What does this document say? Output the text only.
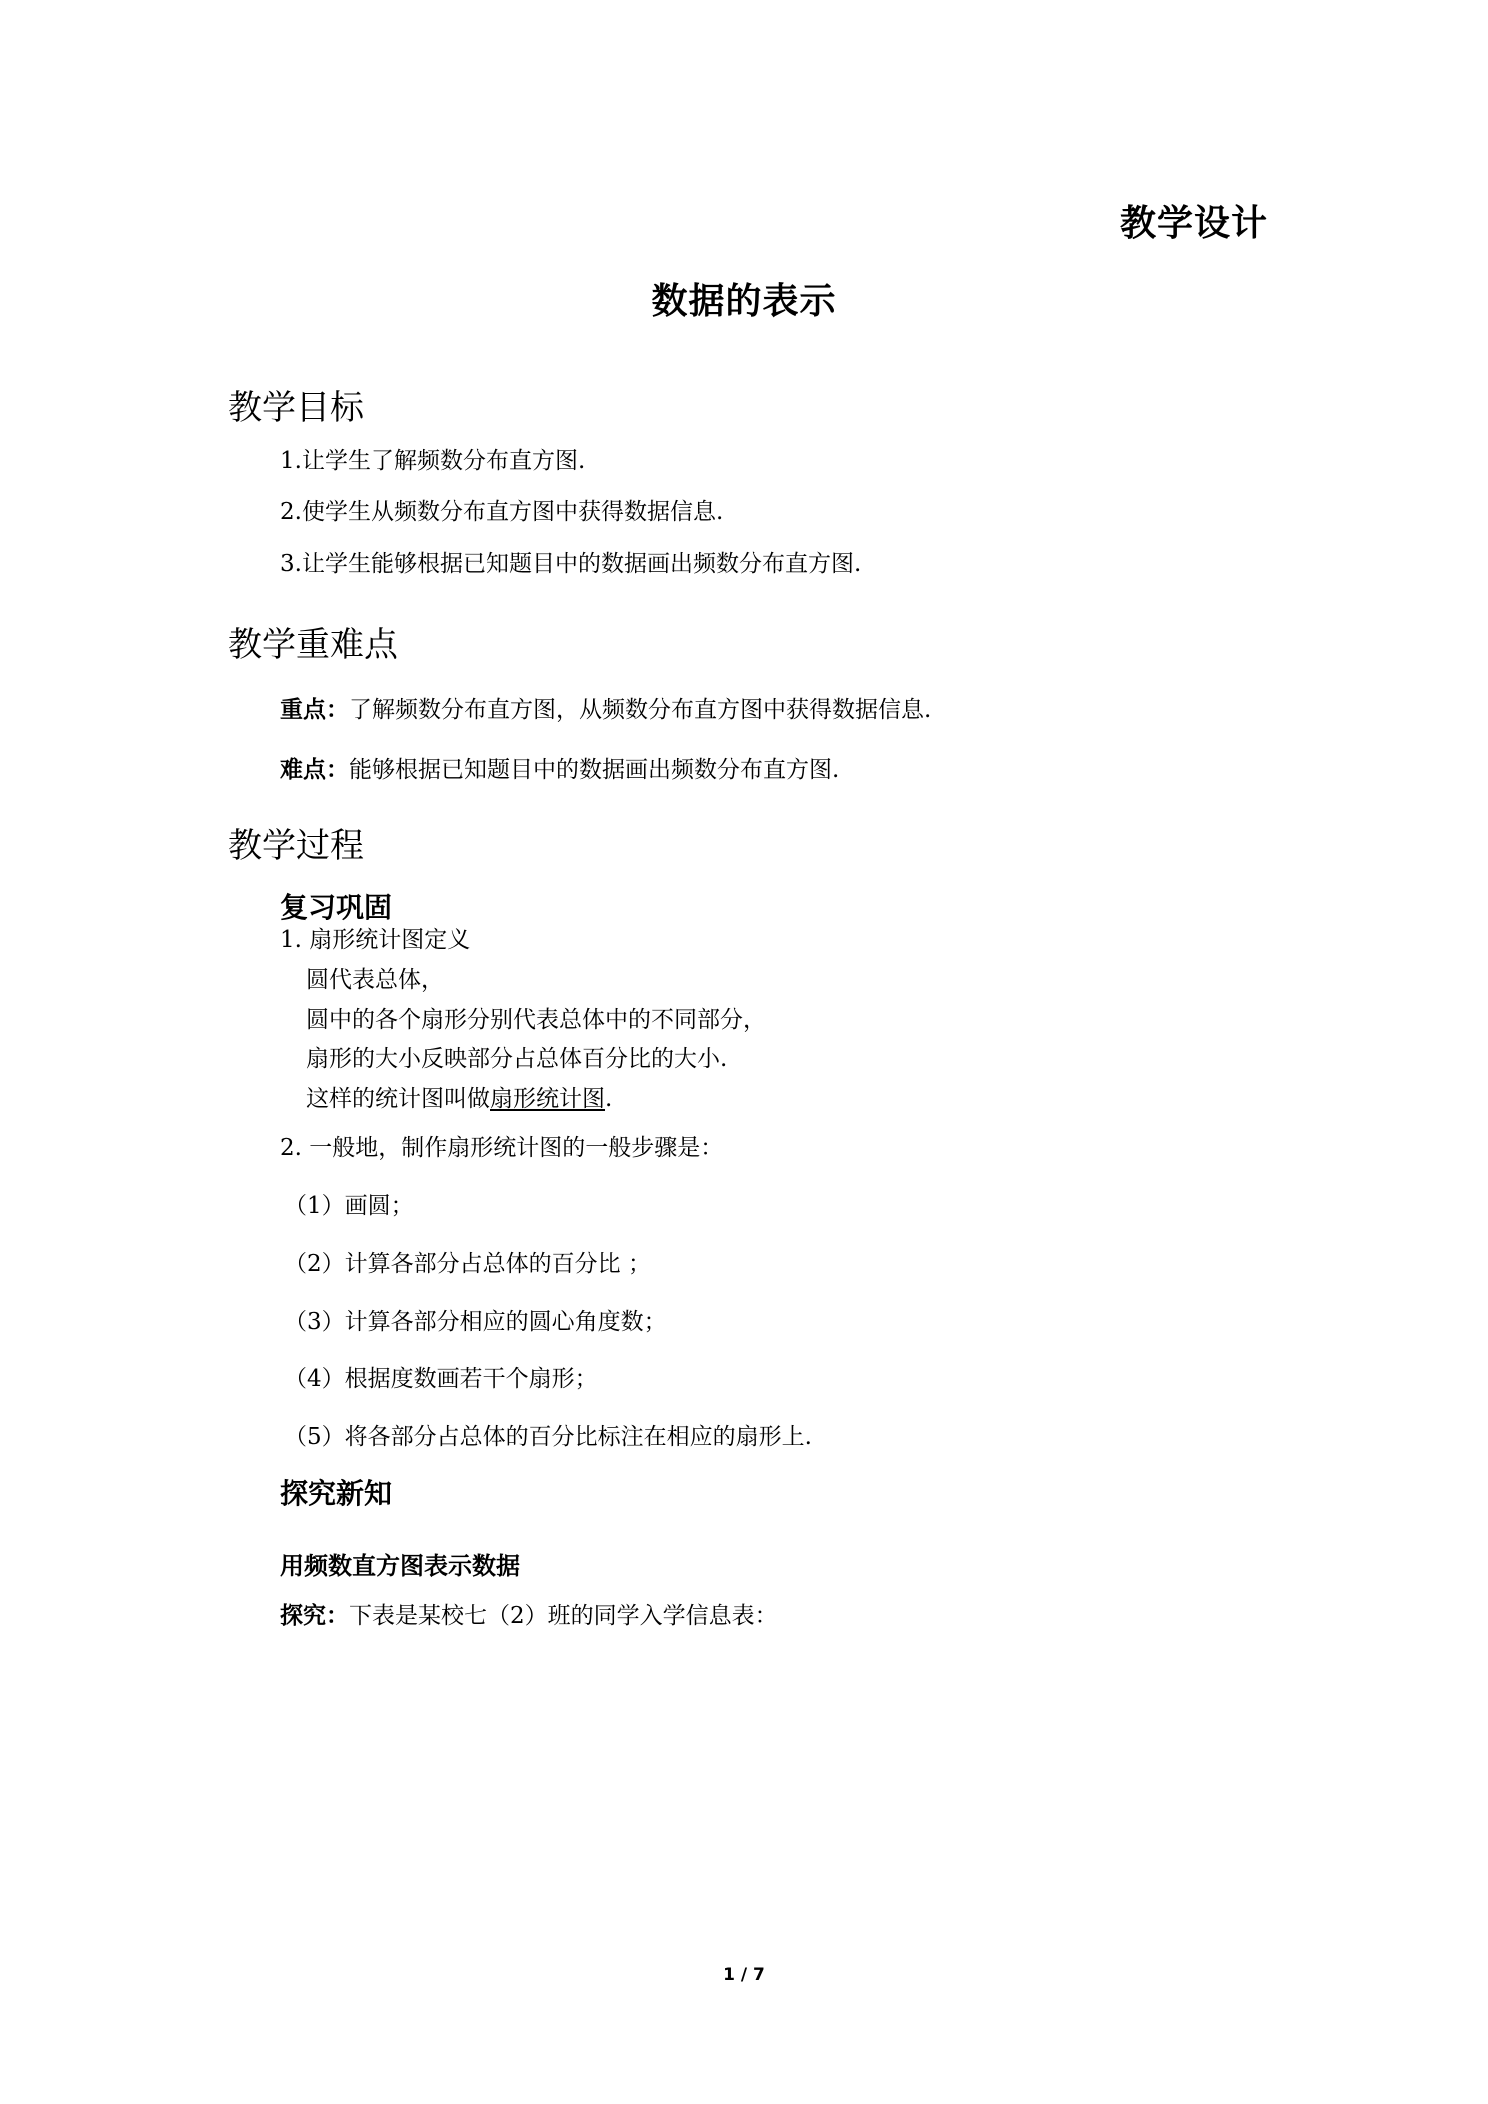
教学设计
数据的表示
教学目标
1.让学生了解频数分布直方图.
2.使学生从频数分布直方图中获得数据信息.
3.让学生能够根据已知题目中的数据画出频数分布直方图.
教学重难点
重点：了解频数分布直方图，从频数分布直方图中获得数据信息.
难点：能够根据已知题目中的数据画出频数分布直方图.
教学过程
复习巩固
1. 扇形统计图定义
圆代表总体，
圆中的各个扇形分别代表总体中的不同部分，
扇形的大小反映部分占总体百分比的大小.
这样的统计图叫做扇形统计图.
2. 一般地，制作扇形统计图的一般步骤是：
（1）画圆；
（2）计算各部分占总体的百分比 ；
（3）计算各部分相应的圆心角度数；
（4）根据度数画若干个扇形；
（5）将各部分占总体的百分比标注在相应的扇形上.
探究新知
用频数直方图表示数据
探究：下表是某校七（2）班的同学入学信息表：
1 / 7
